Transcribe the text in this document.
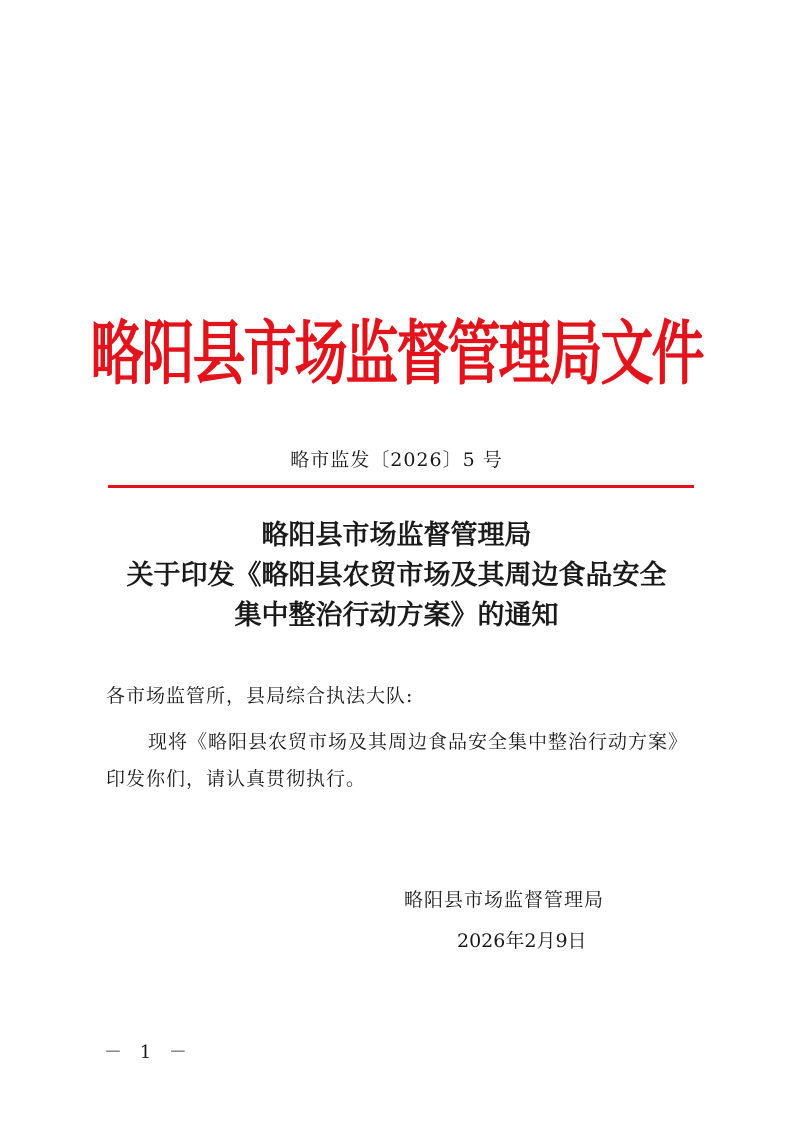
略阳县市场监督管理局文件
略市监发〔2026〕5 号
略阳县市场监督管理局
关于印发《略阳县农贸市场及其周边食品安全
集中整治行动方案》的通知
各市场监管所，县局综合执法大队:
现将《略阳县农贸市场及其周边食品安全集中整治行动方案》
印发你们，请认真贯彻执行。
略阳县市场监督管理局
2026年2月9日
－ 1 －
